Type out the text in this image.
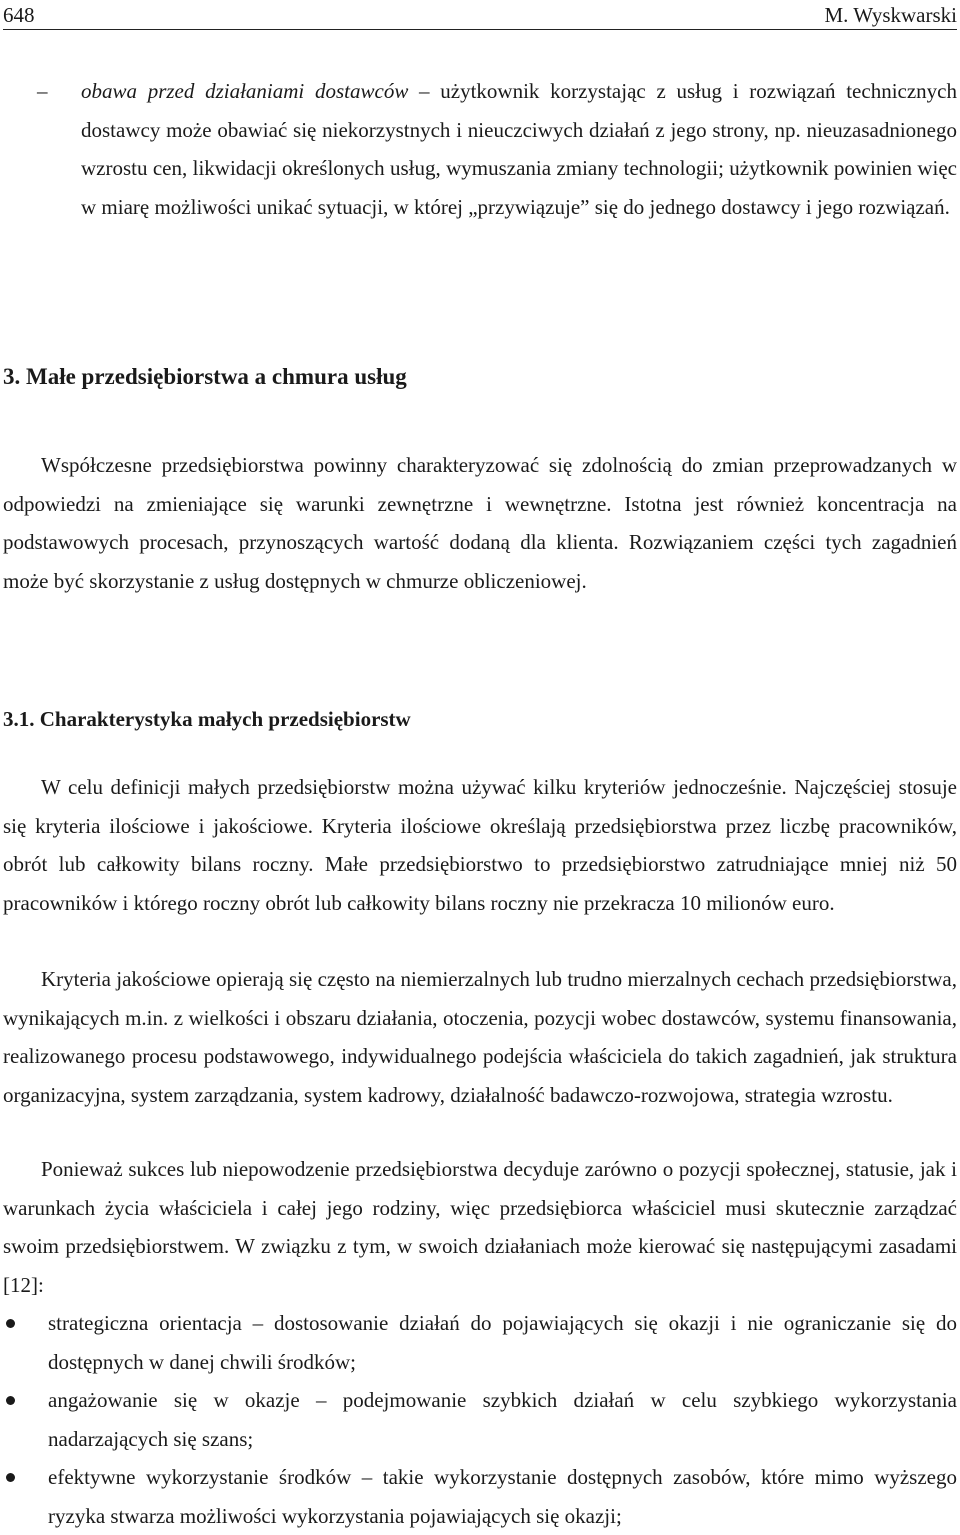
648	M. Wyskwarski
– obawa przed działaniami dostawców – użytkownik korzystając z usług i rozwiązań technicznych dostawcy może obawiać się niekorzystnych i nieuczciwych działań z jego strony, np. nieuzasadnionego wzrostu cen, likwidacji określonych usług, wymuszania zmiany technologii; użytkownik powinien więc w miarę możliwości unikać sytuacji, w której „przywiązuje” się do jednego dostawcy i jego rozwiązań.

3. Małe przedsiębiorstwa a chmura usług

Współczesne przedsiębiorstwa powinny charakteryzować się zdolnością do zmian przeprowadzanych w odpowiedzi na zmieniające się warunki zewnętrzne i wewnętrzne. Istotna jest również koncentracja na podstawowych procesach, przynoszących wartość dodaną dla klienta. Rozwiązaniem części tych zagadnień może być skorzystanie z usług dostępnych w chmurze obliczeniowej.

3.1. Charakterystyka małych przedsiębiorstw

W celu definicji małych przedsiębiorstw można używać kilku kryteriów jednocześnie. Najczęściej stosuje się kryteria ilościowe i jakościowe. Kryteria ilościowe określają przedsiębiorstwa przez liczbę pracowników, obrót lub całkowity bilans roczny. Małe przedsiębiorstwo to przedsiębiorstwo zatrudniające mniej niż 50 pracowników i którego roczny obrót lub całkowity bilans roczny nie przekracza 10 milionów euro.

Kryteria jakościowe opierają się często na niemierzalnych lub trudno mierzalnych cechach przedsiębiorstwa, wynikających m.in. z wielkości i obszaru działania, otoczenia, pozycji wobec dostawców, systemu finansowania, realizowanego procesu podstawowego, indywidualnego podejścia właściciela do takich zagadnień, jak struktura organizacyjna, system zarządzania, system kadrowy, działalność badawczo-rozwojowa, strategia wzrostu.

Ponieważ sukces lub niepowodzenie przedsiębiorstwa decyduje zarówno o pozycji społecznej, statusie, jak i warunkach życia właściciela i całej jego rodziny, więc przedsiębiorca właściciel musi skutecznie zarządzać swoim przedsiębiorstwem. W związku z tym, w swoich działaniach może kierować się następującymi zasadami [12]:

strategiczna orientacja – dostosowanie działań do pojawiających się okazji i nie ograniczanie się do dostępnych w danej chwili środków;

angażowanie się w okazje – podejmowanie szybkich działań w celu szybkiego wykorzystania nadarzających się szans;

efektywne wykorzystanie środków – takie wykorzystanie dostępnych zasobów, które mimo wyższego ryzyka stwarza możliwości wykorzystania pojawiających się okazji;
